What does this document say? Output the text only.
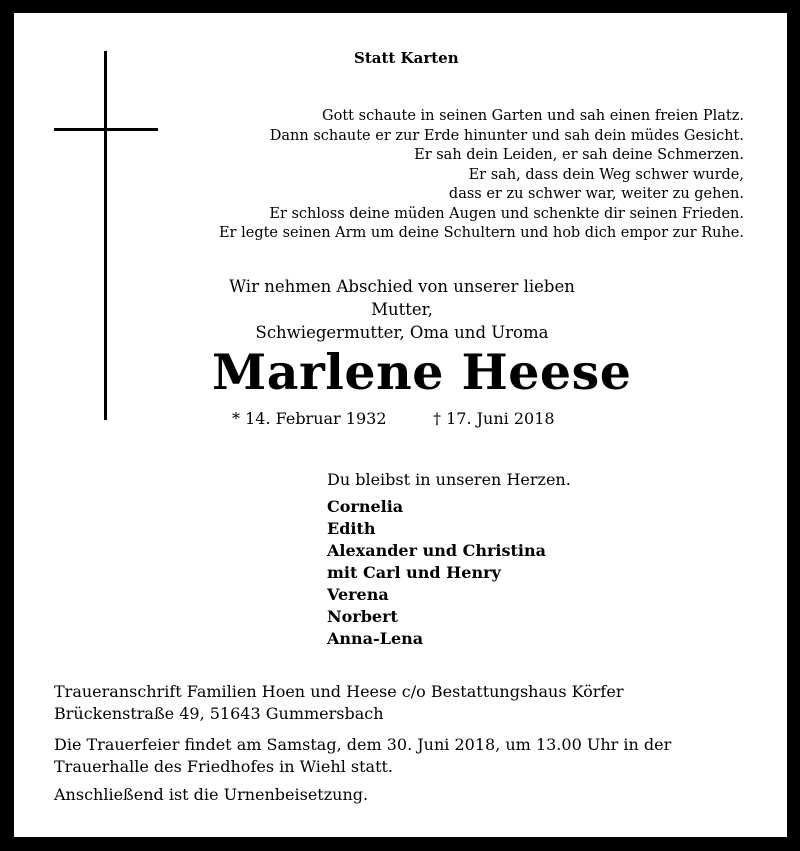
Statt Karten
Gott schaute in seinen Garten und sah einen freien Platz.
Dann schaute er zur Erde hinunter und sah dein müdes Gesicht.
Er sah dein Leiden, er sah deine Schmerzen.
Er sah, dass dein Weg schwer wurde,
dass er zu schwer war, weiter zu gehen.
Er schloss deine müden Augen und schenkte dir seinen Frieden.
Er legte seinen Arm um deine Schultern und hob dich empor zur Ruhe.
Wir nehmen Abschied von unserer lieben Mutter,
Schwiegermutter, Oma und Uroma
Marlene Heese
* 14. Februar 1932	† 17. Juni 2018
Du bleibst in unseren Herzen.
Cornelia
Edith
Alexander und Christina
mit Carl und Henry
Verena
Norbert
Anna-Lena
Traueranschrift Familien Hoen und Heese c/o Bestattungshaus Körfer
Brückenstraße 49, 51643 Gummersbach
Die Trauerfeier findet am Samstag, dem 30. Juni 2018, um 13.00 Uhr in der Trauerhalle des Friedhofes in Wiehl statt.
Anschließend ist die Urnenbeisetzung.
